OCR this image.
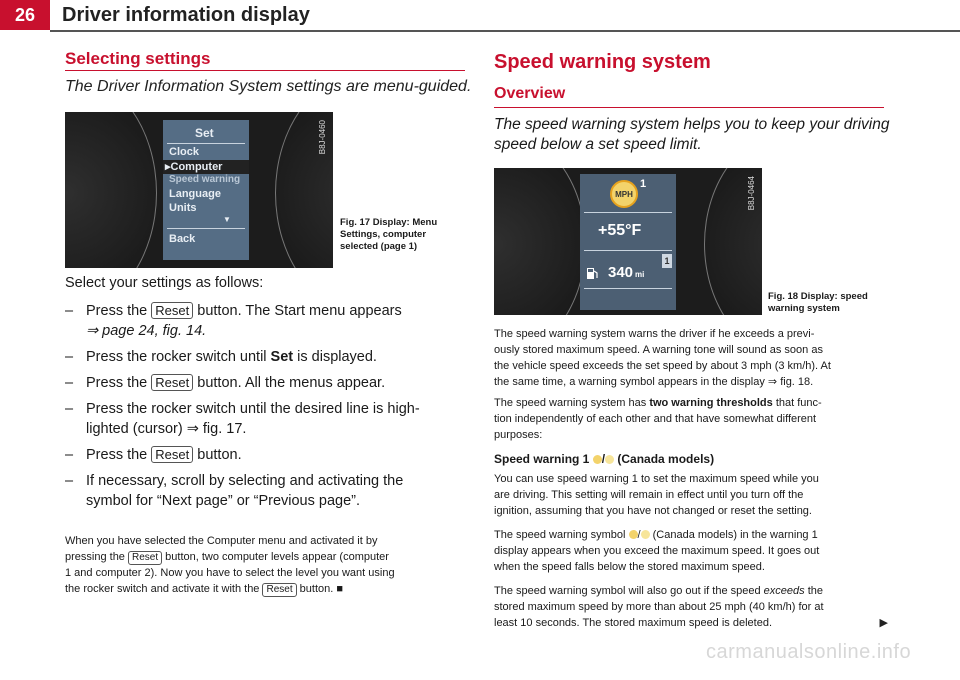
26	Driver information display
Selecting settings
The Driver Information System settings are menu-guided.
Set
Clock
▸Computer
Speed warning
Language
Units
▼
Back
B8J-0460
Fig. 17 Display: Menu
Settings, computer
selected (page 1)
Select your settings as follows:
– Press the Reset button. The Start menu appears
⇒ page 24, fig. 14.
– Press the rocker switch until Set is displayed.
– Press the Reset button. All the menus appear.
– Press the rocker switch until the desired line is high-
lighted (cursor) ⇒ fig. 17.
– Press the Reset button.
– If necessary, scroll by selecting and activating the
symbol for “Next page” or “Previous page”.
When you have selected the Computer menu and activated it by
pressing the Reset button, two computer levels appear (computer
1 and computer 2). Now you have to select the level you want using
the rocker switch and activate it with the Reset button. ■
Speed warning system
Overview
The speed warning system helps you to keep your driving speed below a set speed limit.
MPH
1
+55°F
1
340 mi
B8J-0464
Fig. 18 Display: speed
warning system
The speed warning system warns the driver if he exceeds a previ-
ously stored maximum speed. A warning tone will sound as soon as
the vehicle speed exceeds the set speed by about 3 mph (3 km/h). At
the same time, a warning symbol appears in the display ⇒ fig. 18.
The speed warning system has two warning thresholds that func-
tion independently of each other and that have somewhat different
purposes:
Speed warning 1 / (Canada models)
You can use speed warning 1 to set the maximum speed while you
are driving. This setting will remain in effect until you turn off the
ignition, assuming that you have not changed or reset the setting.
The speed warning symbol / (Canada models) in the warning 1
display appears when you exceed the maximum speed. It goes out
when the speed falls below the stored maximum speed.
The speed warning symbol will also go out if the speed exceeds the
stored maximum speed by more than about 25 mph (40 km/h) for at
least 10 seconds. The stored maximum speed is deleted.	▶
carmanualsonline.info
